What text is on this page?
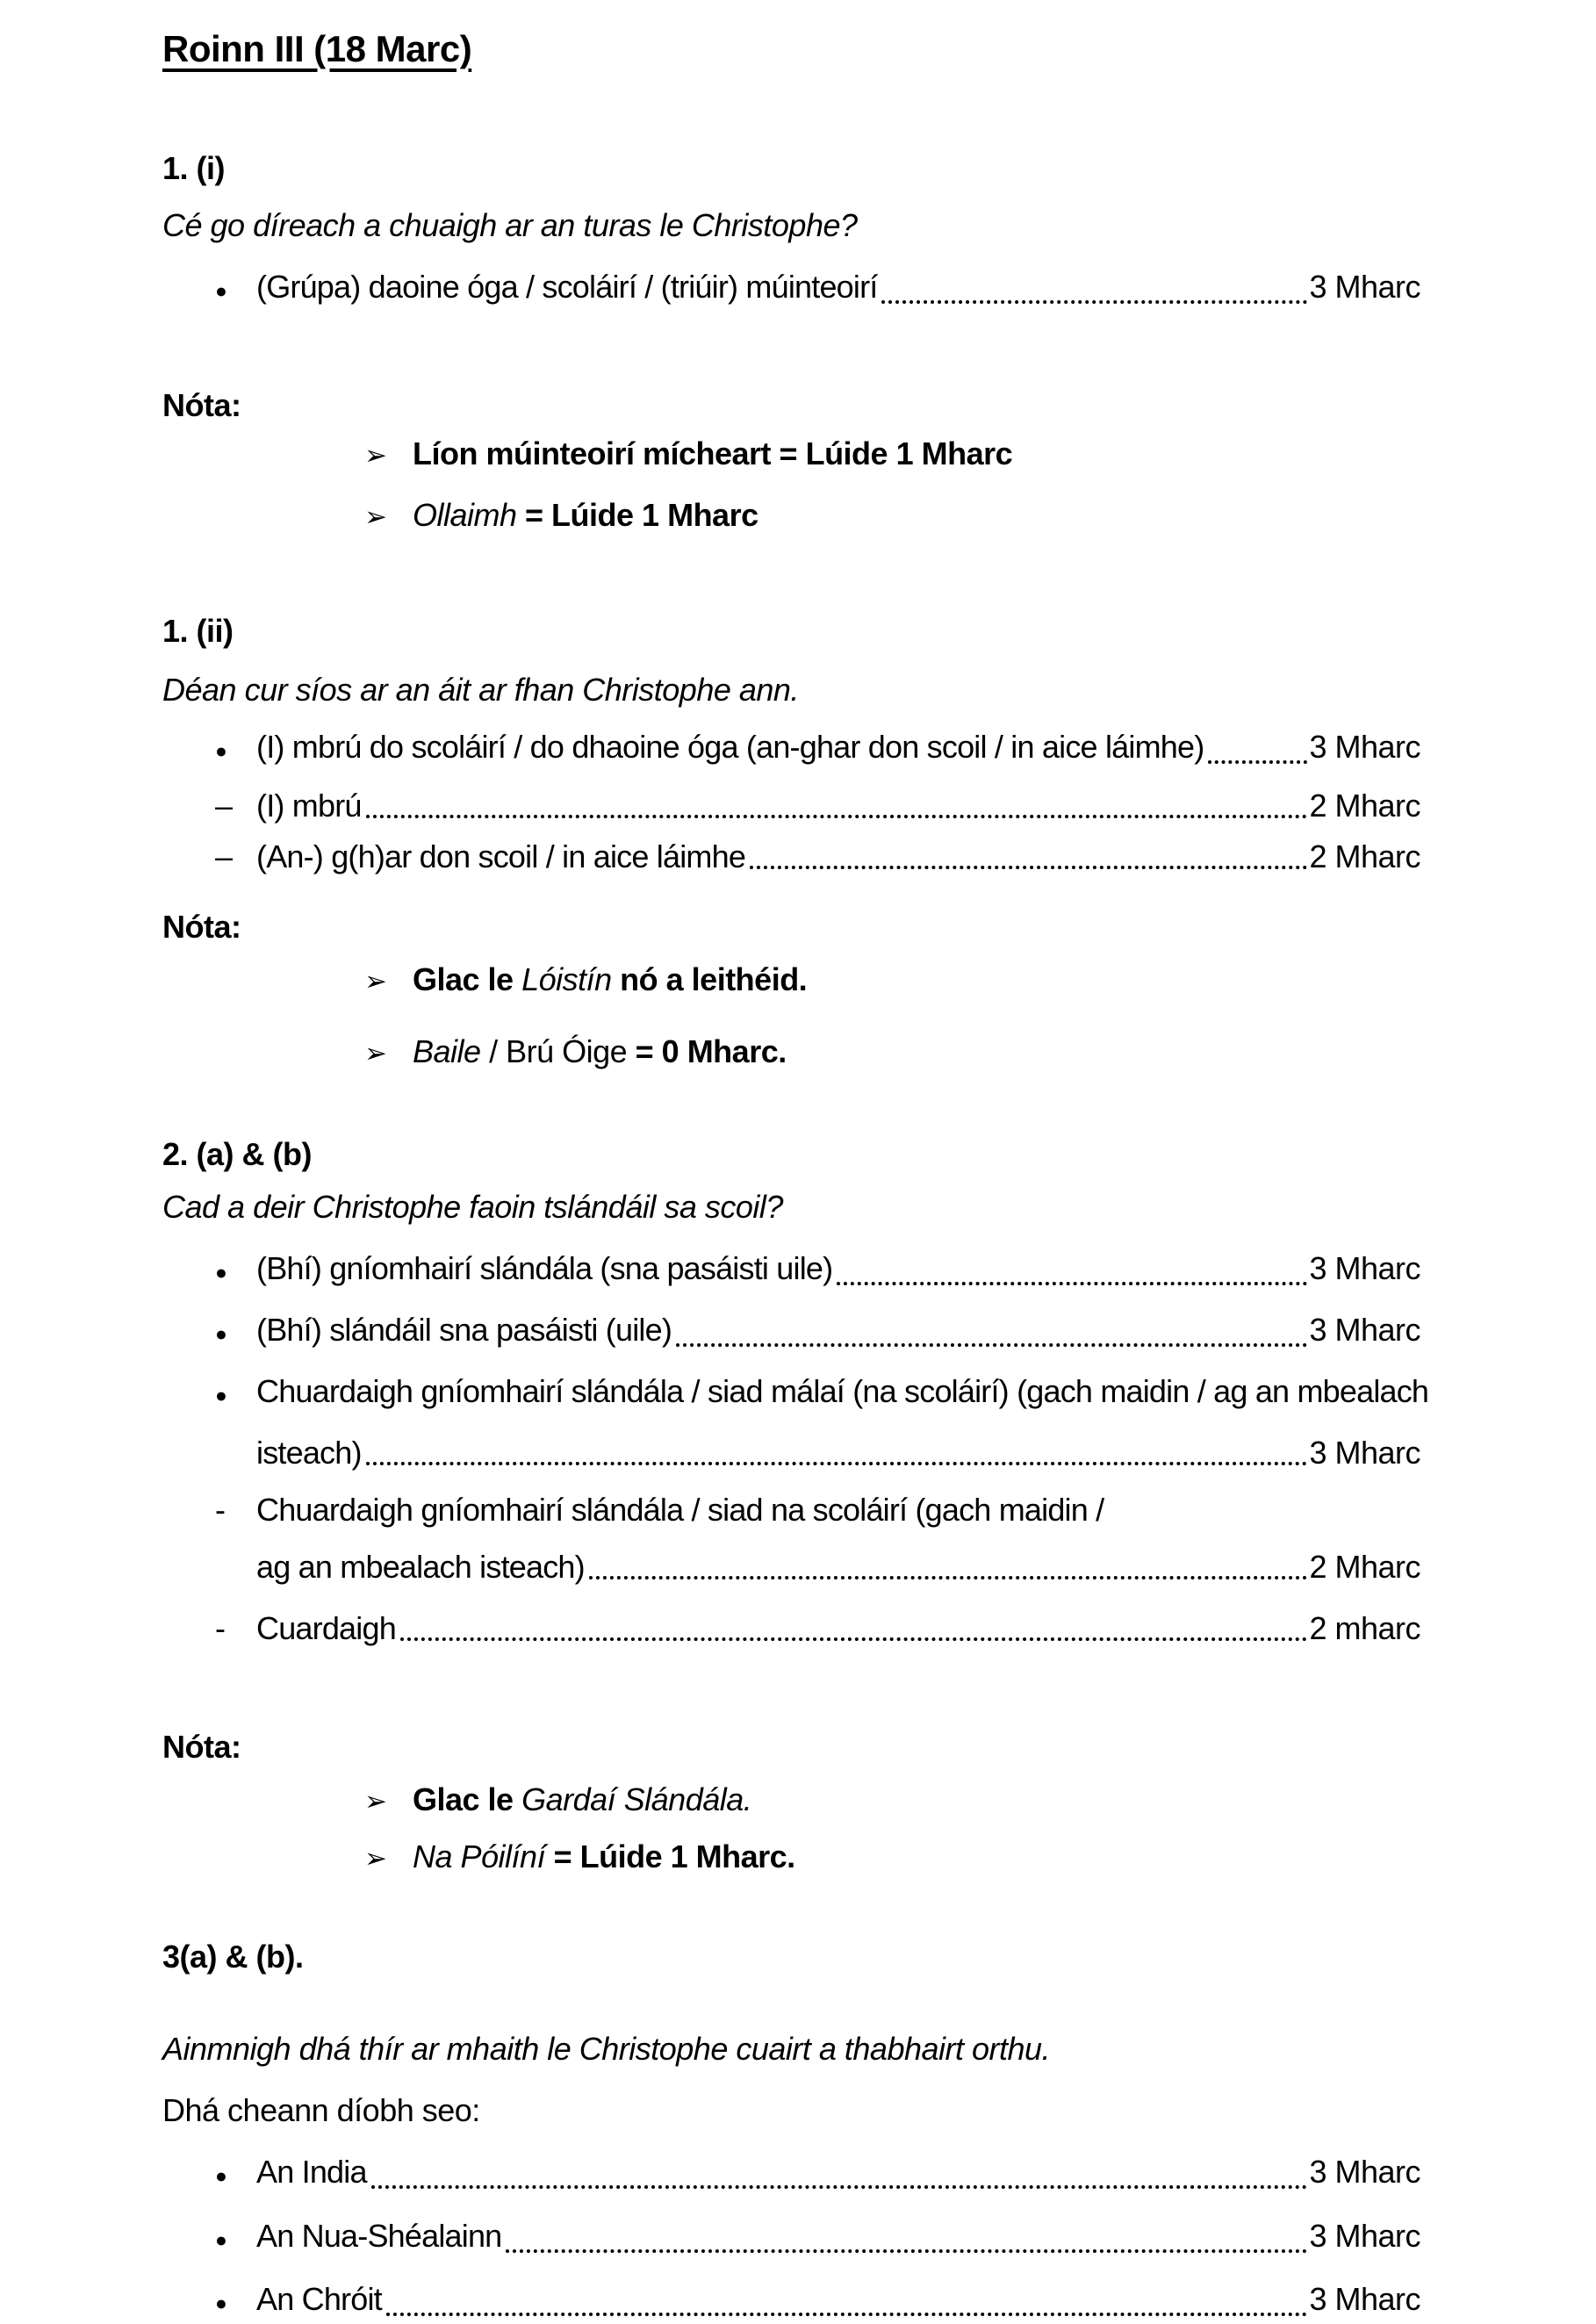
Roinn III (18 Marc)
1. (i)
Cé go díreach a chuaigh ar an turas le Christophe?
● (Grúpa) daoine óga / scoláirí / (triúir) múinteoirí	3 Mharc
Nóta:
➢ Líon múinteoirí mícheart = Lúide 1 Mharc
➢ Ollaimh = Lúide 1 Mharc
1. (ii)
Déan cur síos ar an áit ar fhan Christophe ann.
● (I) mbrú do scoláirí / do dhaoine óga (an-ghar don scoil / in aice láimhe)	3 Mharc
– (I) mbrú	2 Mharc
– (An-) g(h)ar don scoil / in aice láimhe	2 Mharc
Nóta:
➢ Glac le Lóistín nó a leithéid.
➢ Baile / Brú Óige = 0 Mharc.
2. (a) & (b)
Cad a deir Christophe faoin tslándáil sa scoil?
● (Bhí) gníomhairí slándála (sna pasáisti uile)	3 Mharc
● (Bhí) slándáil sna pasáisti (uile)	3 Mharc
● Chuardaigh gníomhairí slándála / siad málaí (na scoláirí) (gach maidin / ag an mbealach
isteach)	3 Mharc
- Chuardaigh gníomhairí slándála / siad na scoláirí (gach maidin /
ag an mbealach isteach)	2 Mharc
- Cuardaigh	2 mharc
Nóta:
➢ Glac le Gardaí Slándála.
➢ Na Póilíní = Lúide 1 Mharc.
3(a) & (b).
Ainmnigh dhá thír ar mhaith le Christophe cuairt a thabhairt orthu.
Dhá cheann díobh seo:
● An India	3 Mharc
● An Nua-Shéalainn	3 Mharc
● An Chróit	3 Mharc
